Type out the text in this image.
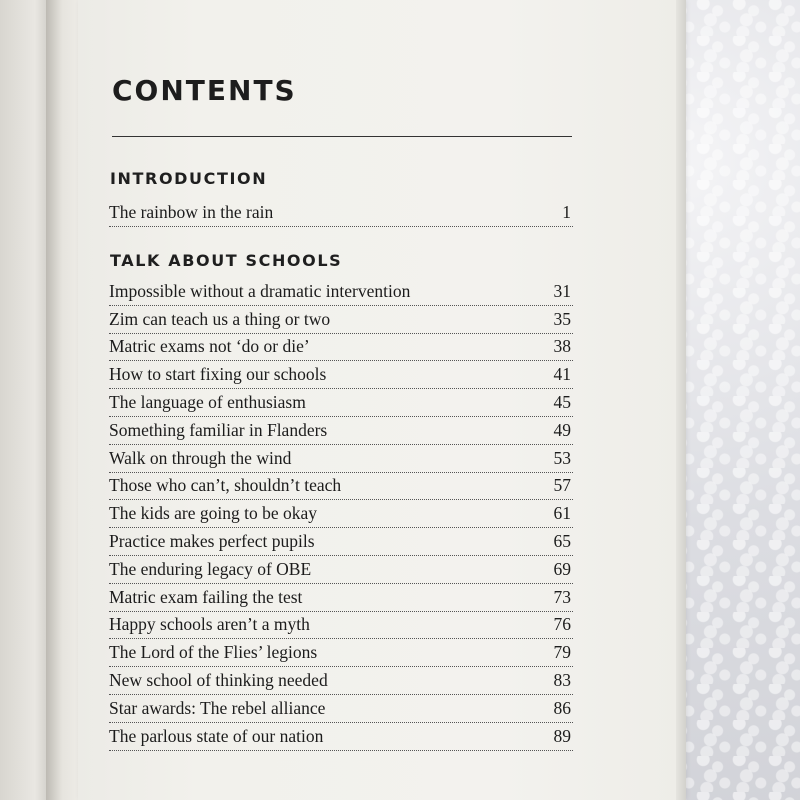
CONTENTS
INTRODUCTION
The rainbow in the rain	1
TALK ABOUT SCHOOLS
Impossible without a dramatic intervention	31
Zim can teach us a thing or two	35
Matric exams not ‘do or die’	38
How to start fixing our schools	41
The language of enthusiasm	45
Something familiar in Flanders	49
Walk on through the wind	53
Those who can’t, shouldn’t teach	57
The kids are going to be okay	61
Practice makes perfect pupils	65
The enduring legacy of OBE	69
Matric exam failing the test	73
Happy schools aren’t a myth	76
The Lord of the Flies’ legions	79
New school of thinking needed	83
Star awards: The rebel alliance	86
The parlous state of our nation	89
